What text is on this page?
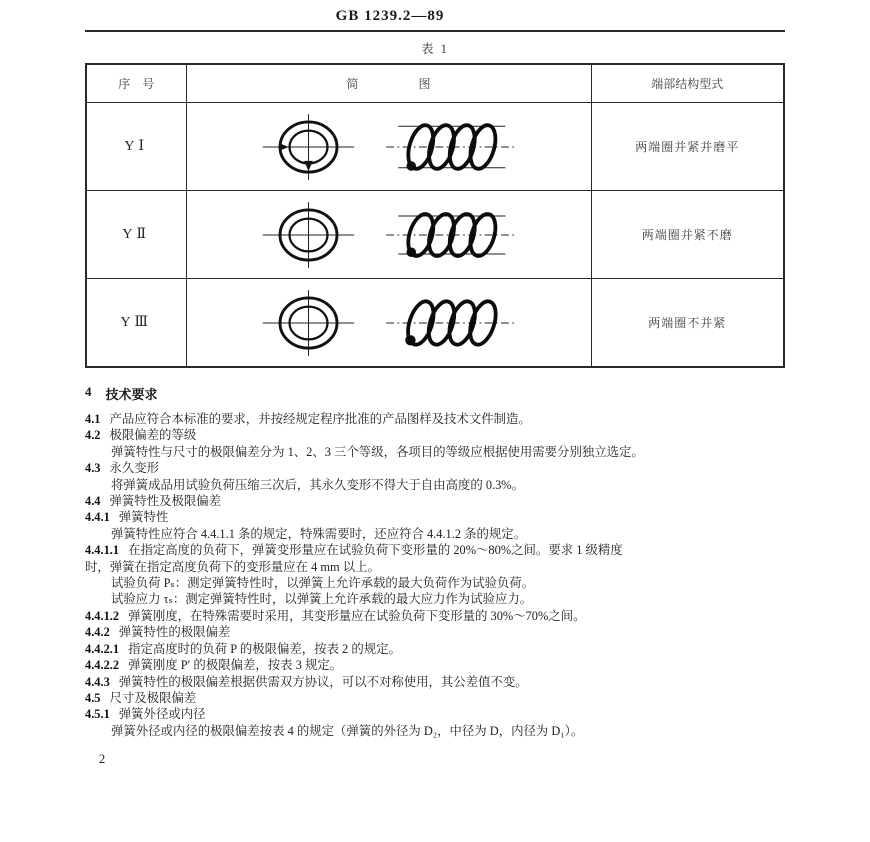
GB 1239.2—89
表 1
序　号	简　　　　　图	端部结构型式
YⅠ		两端圈并紧并磨平
YⅡ		两端圈并紧不磨
YⅢ		两端圈不并紧
4 技术要求
4.1 产品应符合本标准的要求，并按经规定程序批准的产品图样及技术文件制造。
4.2 极限偏差的等级
弹簧特性与尺寸的极限偏差分为 1、2、3 三个等级，各项目的等级应根据使用需要分别独立选定。
4.3 永久变形
将弹簧成品用试验负荷压缩三次后，其永久变形不得大于自由高度的 0.3%。
4.4 弹簧特性及极限偏差
4.4.1 弹簧特性
弹簧特性应符合 4.4.1.1 条的规定，特殊需要时，还应符合 4.4.1.2 条的规定。
4.4.1.1 在指定高度的负荷下，弹簧变形量应在试验负荷下变形量的 20%～80%之间。要求 1 级精度
时，弹簧在指定高度负荷下的变形量应在 4 mm 以上。
试验负荷 Pₛ：测定弹簧特性时，以弹簧上允许承载的最大负荷作为试验负荷。
试验应力 τₛ：测定弹簧特性时，以弹簧上允许承载的最大应力作为试验应力。
4.4.1.2 弹簧刚度，在特殊需要时采用，其变形量应在试验负荷下变形量的 30%～70%之间。
4.4.2 弹簧特性的极限偏差
4.4.2.1 指定高度时的负荷 P 的极限偏差，按表 2 的规定。
4.4.2.2 弹簧刚度 P′ 的极限偏差，按表 3 规定。
4.4.3 弹簧特性的极限偏差根据供需双方协议，可以不对称使用，其公差值不变。
4.5 尺寸及极限偏差
4.5.1 弹簧外径或内径
弹簧外径或内径的极限偏差按表 4 的规定（弹簧的外径为 D₂，中径为 D，内径为 D₁）。
2
